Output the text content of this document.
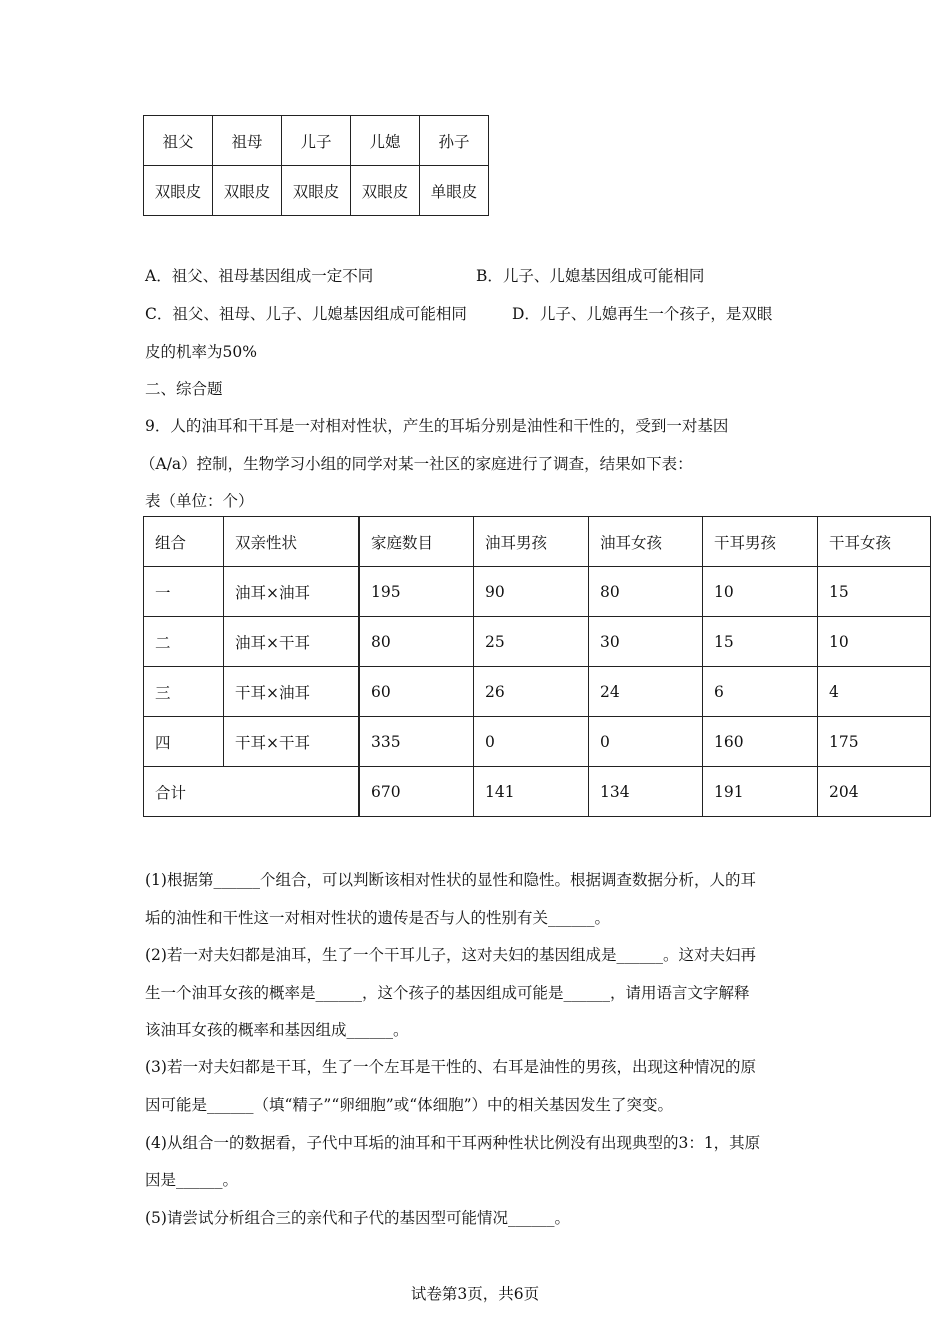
祖父	祖母	儿子	儿媳	孙子
双眼皮	双眼皮	双眼皮	双眼皮	单眼皮
A．祖父、祖母基因组成一定不同	B．儿子、儿媳基因组成可能相同
C．祖父、祖母、儿子、儿媳基因组成可能相同	D．儿子、儿媳再生一个孩子，是双眼
皮的机率为50%
二、综合题
9．人的油耳和干耳是一对相对性状，产生的耳垢分别是油性和干性的，受到一对基因
（A/a）控制，生物学习小组的同学对某一社区的家庭进行了调查，结果如下表：
表（单位：个）
组合	双亲性状	家庭数目	油耳男孩	油耳女孩	干耳男孩	干耳女孩
一	油耳×油耳	195	90	80	10	15
二	油耳×干耳	80	25	30	15	10
三	干耳×油耳	60	26	24	6	4
四	干耳×干耳	335	0	0	160	175
合计		670	141	134	191	204
(1)根据第______个组合，可以判断该相对性状的显性和隐性。根据调查数据分析，人的耳
垢的油性和干性这一对相对性状的遗传是否与人的性别有关______。
(2)若一对夫妇都是油耳，生了一个干耳儿子，这对夫妇的基因组成是______。这对夫妇再
生一个油耳女孩的概率是______，这个孩子的基因组成可能是______，请用语言文字解释
该油耳女孩的概率和基因组成______。
(3)若一对夫妇都是干耳，生了一个左耳是干性的、右耳是油性的男孩，出现这种情况的原
因可能是______（填“精子”“卵细胞”或“体细胞”）中的相关基因发生了突变。
(4)从组合一的数据看，子代中耳垢的油耳和干耳两种性状比例没有出现典型的3：1，其原
因是______。
(5)请尝试分析组合三的亲代和子代的基因型可能情况______。
试卷第3页，共6页
